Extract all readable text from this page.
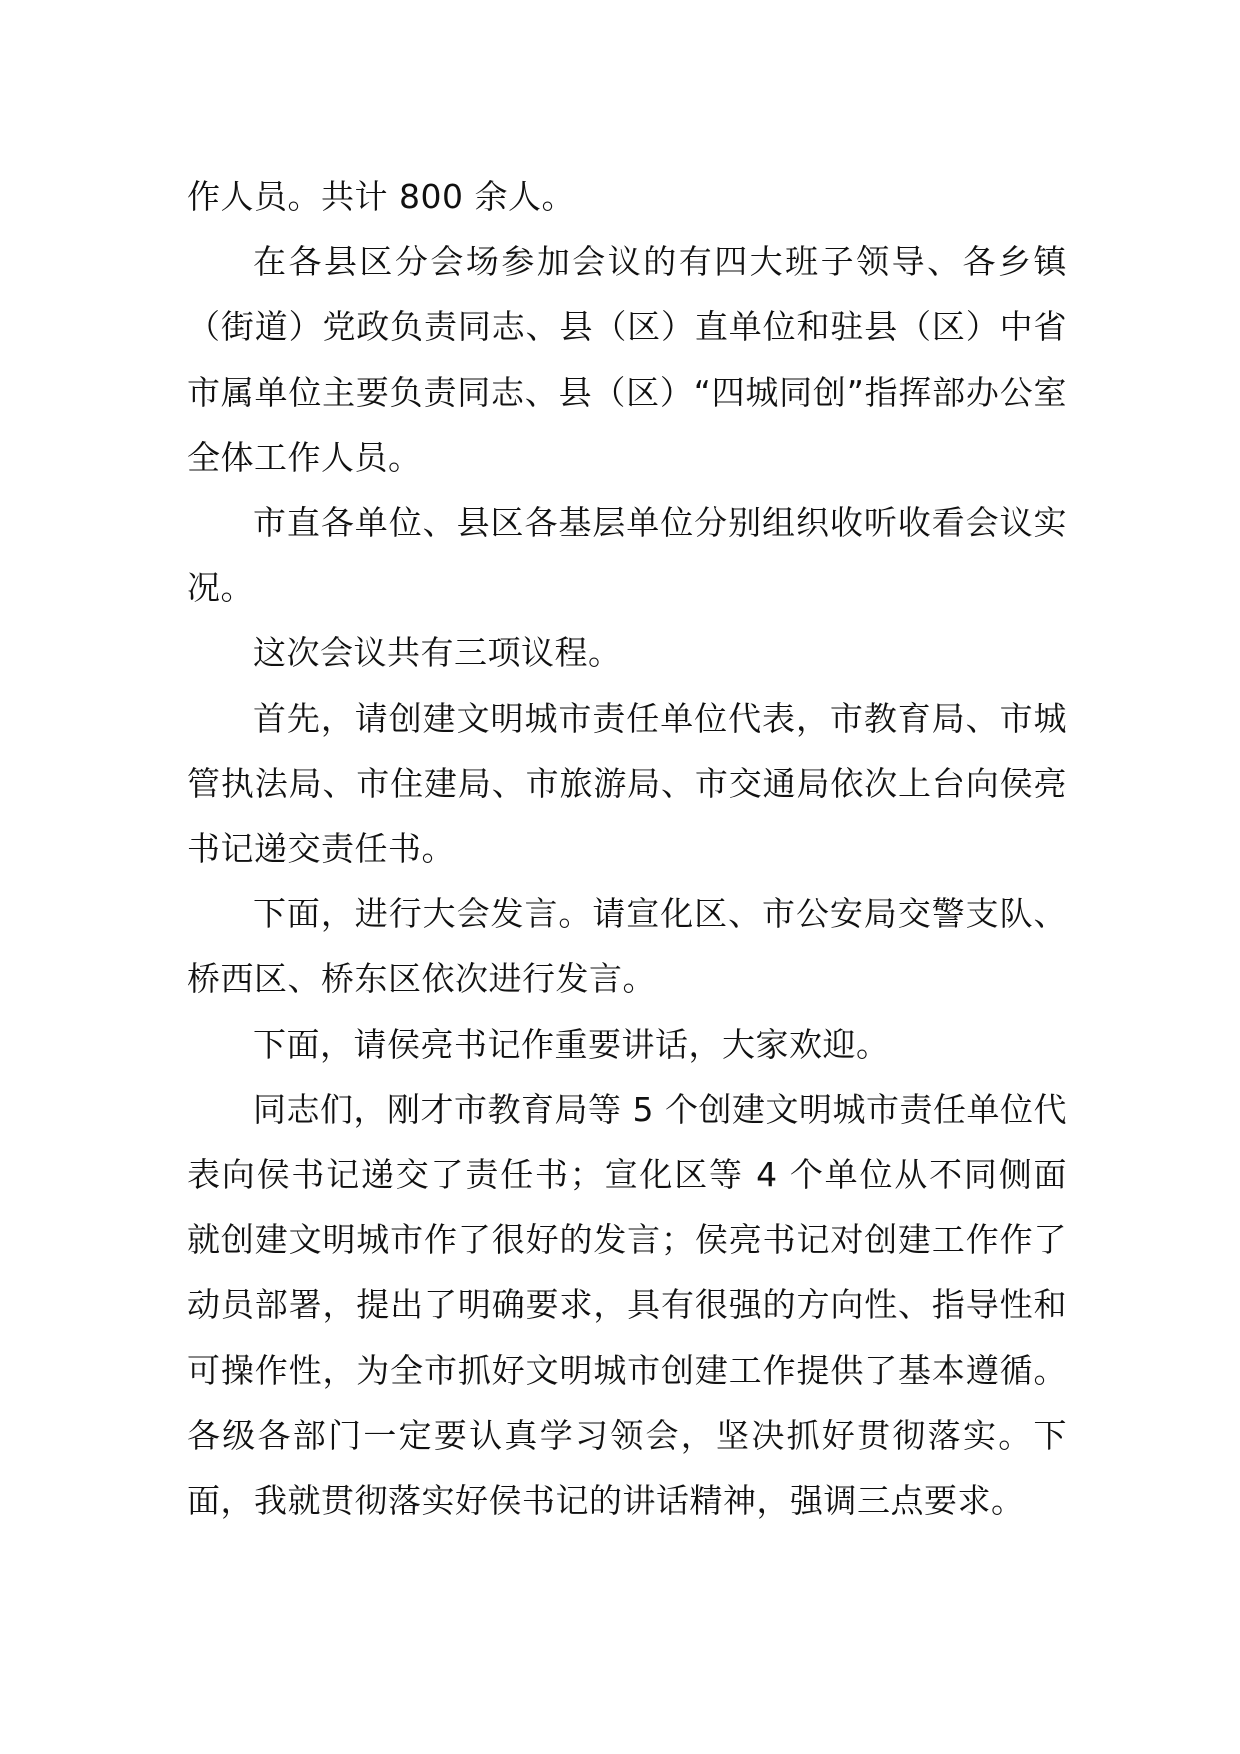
作人员。共计 800 余人。

在各县区分会场参加会议的有四大班子领导、各乡镇（街道）党政负责同志、县（区）直单位和驻县（区）中省市属单位主要负责同志、县（区）“四城同创”指挥部办公室全体工作人员。

市直各单位、县区各基层单位分别组织收听收看会议实况。

这次会议共有三项议程。

首先，请创建文明城市责任单位代表，市教育局、市城管执法局、市住建局、市旅游局、市交通局依次上台向侯亮书记递交责任书。

下面，进行大会发言。请宣化区、市公安局交警支队、桥西区、桥东区依次进行发言。

下面，请侯亮书记作重要讲话，大家欢迎。

同志们，刚才市教育局等 5 个创建文明城市责任单位代表向侯书记递交了责任书；宣化区等 4 个单位从不同侧面就创建文明城市作了很好的发言；侯亮书记对创建工作作了动员部署，提出了明确要求，具有很强的方向性、指导性和可操作性，为全市抓好文明城市创建工作提供了基本遵循。各级各部门一定要认真学习领会，坚决抓好贯彻落实。下面，我就贯彻落实好侯书记的讲话精神，强调三点要求。
